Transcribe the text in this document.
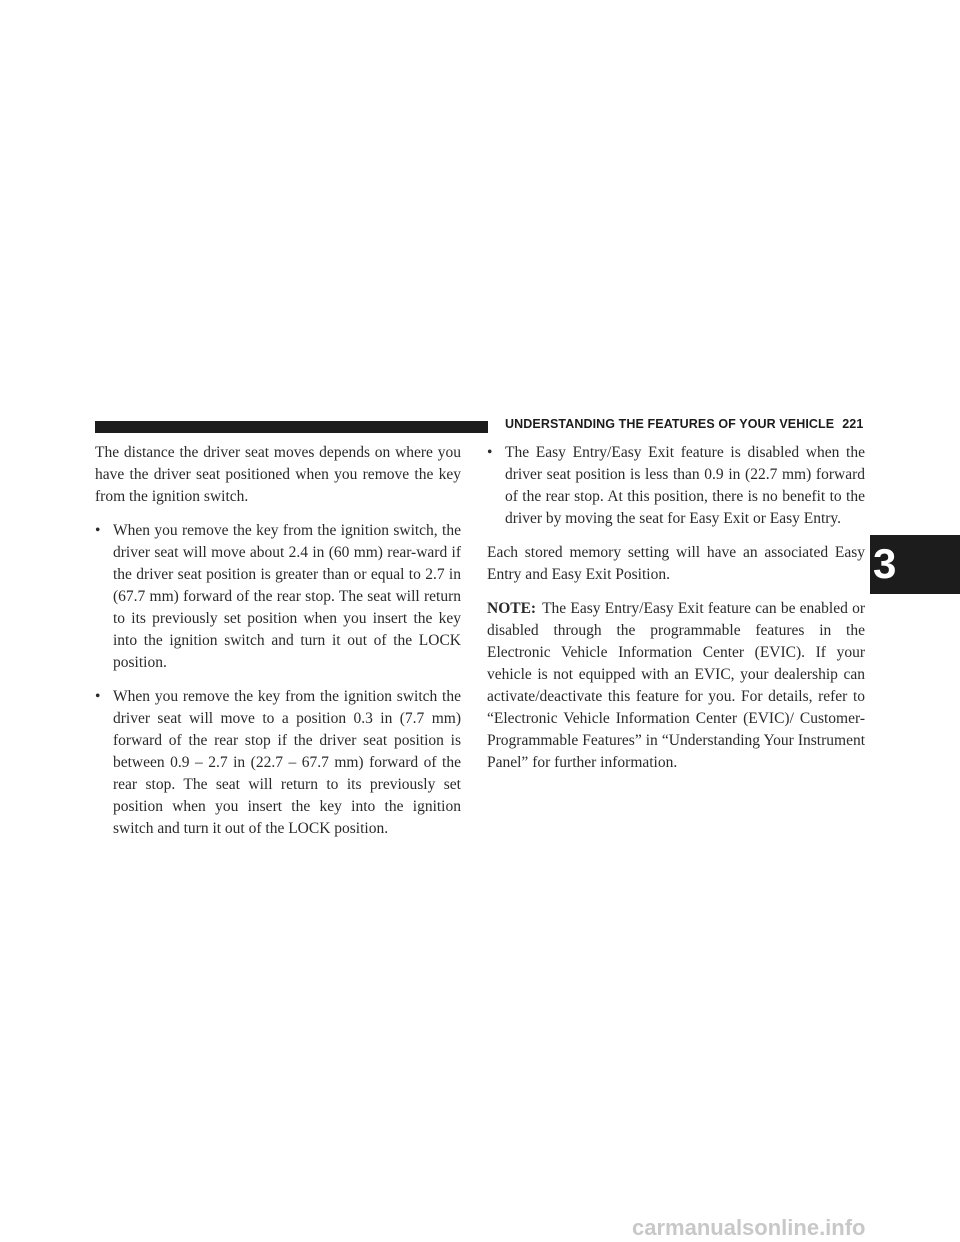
UNDERSTANDING THE FEATURES OF YOUR VEHICLE 221

The distance the driver seat moves depends on where you have the driver seat positioned when you remove the key from the ignition switch.

• When you remove the key from the ignition switch, the driver seat will move about 2.4 in (60 mm) rear-ward if the driver seat position is greater than or equal to 2.7 in (67.7 mm) forward of the rear stop. The seat will return to its previously set position when you insert the key into the ignition switch and turn it out of the LOCK position.
• When you remove the key from the ignition switch the driver seat will move to a position 0.3 in (7.7 mm) forward of the rear stop if the driver seat position is between 0.9 – 2.7 in (22.7 – 67.7 mm) forward of the rear stop. The seat will return to its previously set position when you insert the key into the ignition switch and turn it out of the LOCK position.
• The Easy Entry/Easy Exit feature is disabled when the driver seat position is less than 0.9 in (22.7 mm) forward of the rear stop. At this position, there is no benefit to the driver by moving the seat for Easy Exit or Easy Entry.

Each stored memory setting will have an associated Easy Entry and Easy Exit Position.

NOTE: The Easy Entry/Easy Exit feature can be enabled or disabled through the programmable features in the Electronic Vehicle Information Center (EVIC). If your vehicle is not equipped with an EVIC, your dealership can activate/deactivate this feature for you. For details, refer to “Electronic Vehicle Information Center (EVIC)/ Customer-Programmable Features” in “Understanding Your Instrument Panel” for further information.

3
carmanualsonline.info
